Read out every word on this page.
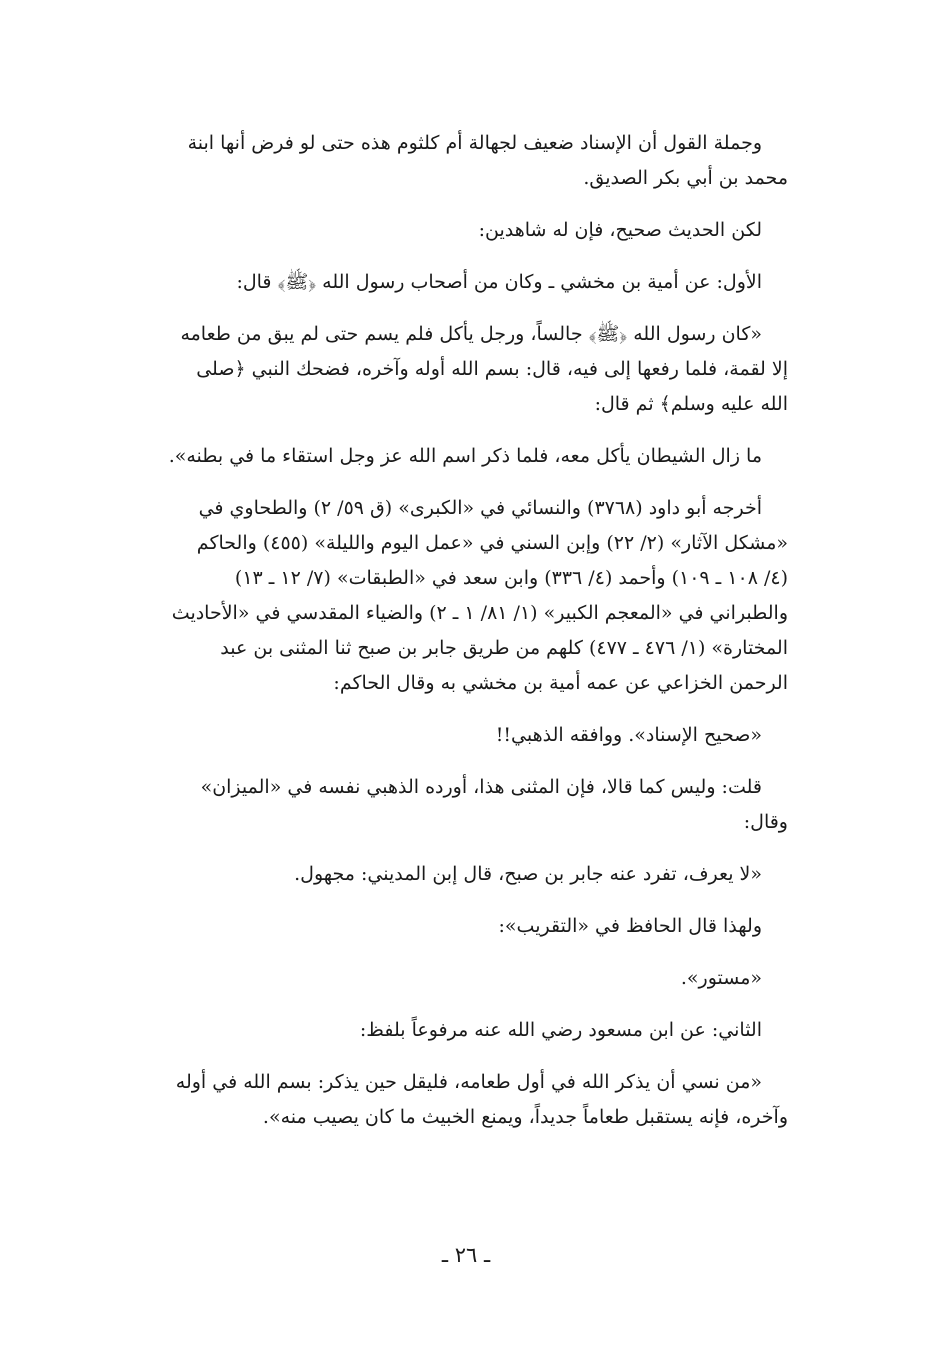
وجملة القول أن الإسناد ضعيف لجهالة أم كلثوم هذه حتى لو فرض أنها ابنة
محمد بن أبي بكر الصديق.
لكن الحديث صحيح، فإن له شاهدين:
الأول: عن أمية بن مخشي ـ وكان من أصحاب رسول الله ﴿ﷺ﴾ قال:
«كان رسول الله ﴿ﷺ﴾ جالساً، ورجل يأكل فلم يسم حتى لم يبق من طعامه
إلا لقمة، فلما رفعها إلى فيه، قال: بسم الله أوله وآخره، فضحك النبي ﴿صلى
الله عليه وسلم﴾ ثم قال:
ما زال الشيطان يأكل معه، فلما ذكر اسم الله عز وجل استقاء ما في بطنه».
أخرجه أبو داود (٣٧٦٨) والنسائي في «الكبرى» (ق ٥٩/ ٢) والطحاوي في
«مشكل الآثار» (٢/ ٢٢) وإبن السني في «عمل اليوم والليلة» (٤٥٥) والحاكم
(٤/ ١٠٨ ـ ١٠٩) وأحمد (٤/ ٣٣٦) وابن سعد في «الطبقات» (٧/ ١٢ ـ ١٣)
والطبراني في «المعجم الكبير» (١/ ٨١/ ١ ـ ٢) والضياء المقدسي في «الأحاديث
المختارة» (١/ ٤٧٦ ـ ٤٧٧) كلهم من طريق جابر بن صبح ثنا المثنى بن عبد
الرحمن الخزاعي عن عمه أمية بن مخشي به وقال الحاكم:
«صحيح الإسناد». ووافقه الذهبي!!
قلت: وليس كما قالا، فإن المثنى هذا، أورده الذهبي نفسه في «الميزان»
وقال:
«لا يعرف، تفرد عنه جابر بن صبح، قال إبن المديني: مجهول.
ولهذا قال الحافظ في «التقريب»:
«مستور».
الثاني: عن ابن مسعود رضي الله عنه مرفوعاً بلفظ:
«من نسي أن يذكر الله في أول طعامه، فليقل حين يذكر: بسم الله في أوله
وآخره، فإنه يستقبل طعاماً جديداً، ويمنع الخبيث ما كان يصيب منه».
ـ ٢٦ ـ
